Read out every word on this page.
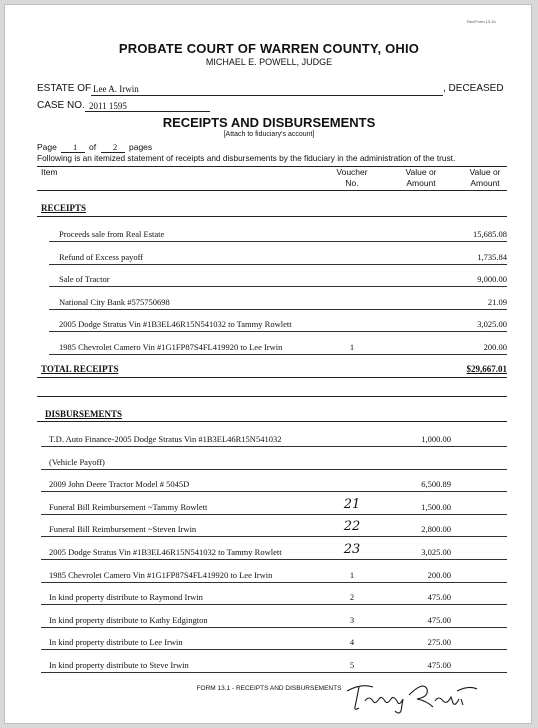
Rev/Form 13.1b
PROBATE COURT OF WARREN COUNTY, OHIO
MICHAEL E. POWELL, JUDGE
ESTATE OF Lee A. Irwin	, DECEASED
CASE NO. 2011 1595
RECEIPTS AND DISBURSEMENTS
[Attach to fiduciary's account]
Page 1 of 2 pages
Following is an itemized statement of receipts and disbursements by the fiduciary in the administration of the trust.
Item	Voucher
No.
Value or
Amount
Value or
Amount
RECEIPTS
TOTAL RECEIPTS	$29,667.01
DISBURSEMENTS
FORM 13.1 - RECEIPTS AND DISBURSEMENTS
Proceeds sale from Real Estate	15,685.08
Refund of Excess payoff	1,735.84
Sale of Tractor	9,000.00
National City Bank #575750698	21.09
2005 Dodge Stratus Vin #1B3EL46R15N541032 to Tammy Rowlett	3,025.00
1985 Chevrolet Camero Vin #1G1FP87S4FL419920 to Lee Irwin	1	200.00
T.D. Auto Finance-2005 Dodge Stratus Vin #1B3EL46R15N541032	1,000.00
(Vehicle Payoff)
2009 John Deere Tractor Model # 5045D	6,500.89
Funeral Bill Reimbursement ~Tammy Rowlett	21	1,500.00
Funeral Bill Reimbursement ~Steven Irwin	22	2,800.00
2005 Dodge Stratus Vin #1B3EL46R15N541032 to Tammy Rowlett	23	3,025.00
1985 Chevrolet Camero Vin #1G1FP87S4FL419920 to Lee Irwin	1	200.00
In kind property distribute to Raymond Irwin	2	475.00
In kind property distribute to Kathy Edgington	3	475.00
In kind property distribute to Lee Irwin	4	275.00
In kind property distribute to Steve Irwin	5	475.00
